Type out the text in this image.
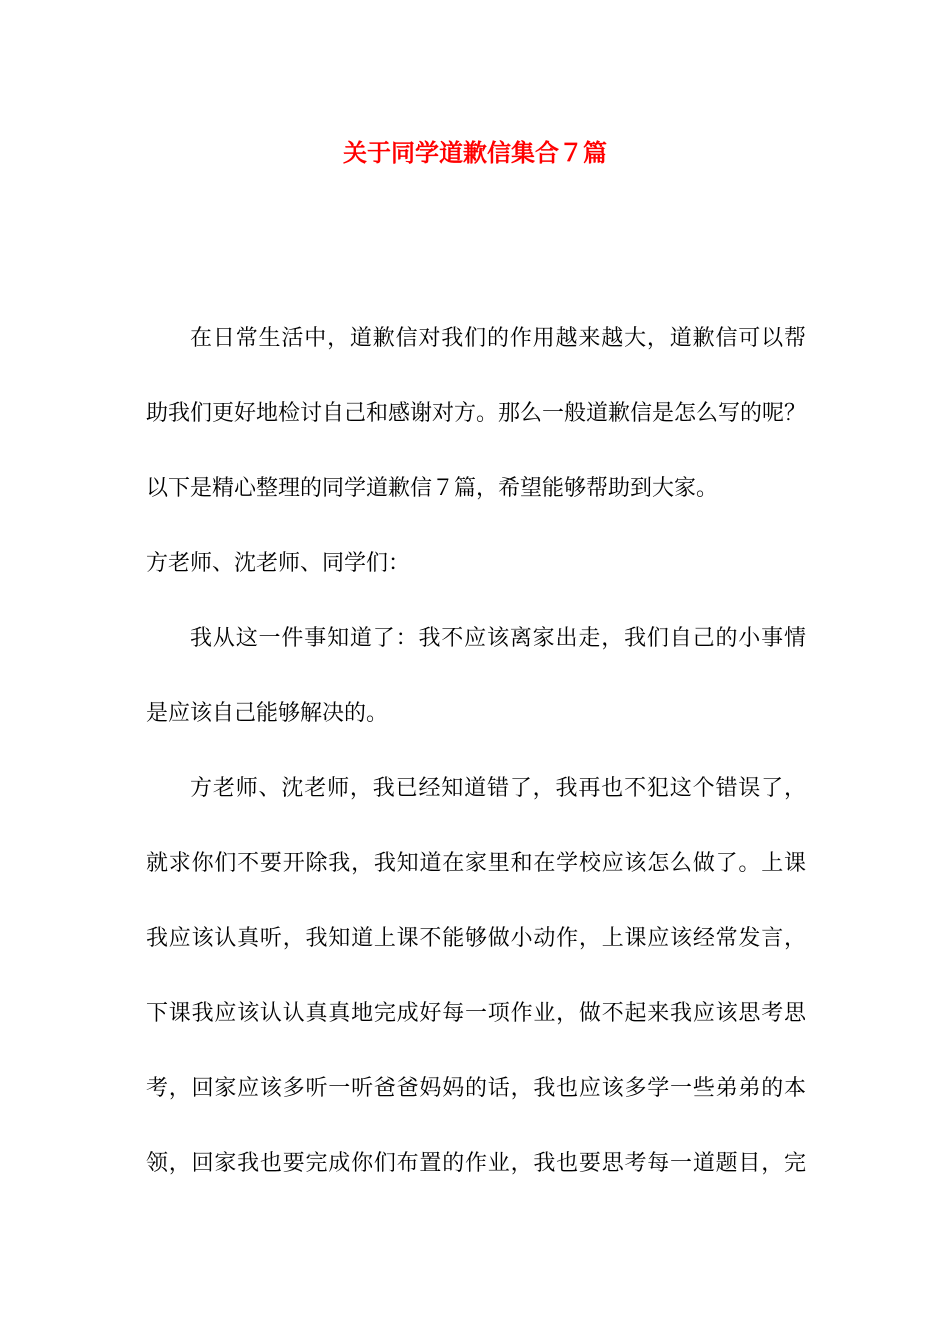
关于同学道歉信集合７篇
在日常生活中，道歉信对我们的作用越来越大，道歉信可以帮
助我们更好地检讨自己和感谢对方。那么一般道歉信是怎么写的呢？
以下是精心整理的同学道歉信７篇，希望能够帮助到大家。
方老师、沈老师、同学们：
我从这一件事知道了：我不应该离家出走，我们自己的小事情
是应该自己能够解决的。
方老师、沈老师，我已经知道错了，我再也不犯这个错误了，
就求你们不要开除我，我知道在家里和在学校应该怎么做了。上课
我应该认真听，我知道上课不能够做小动作，上课应该经常发言，
下课我应该认认真真地完成好每一项作业，做不起来我应该思考思
考，回家应该多听一听爸爸妈妈的话，我也应该多学一些弟弟的本
领，回家我也要完成你们布置的作业，我也要思考每一道题目，完
